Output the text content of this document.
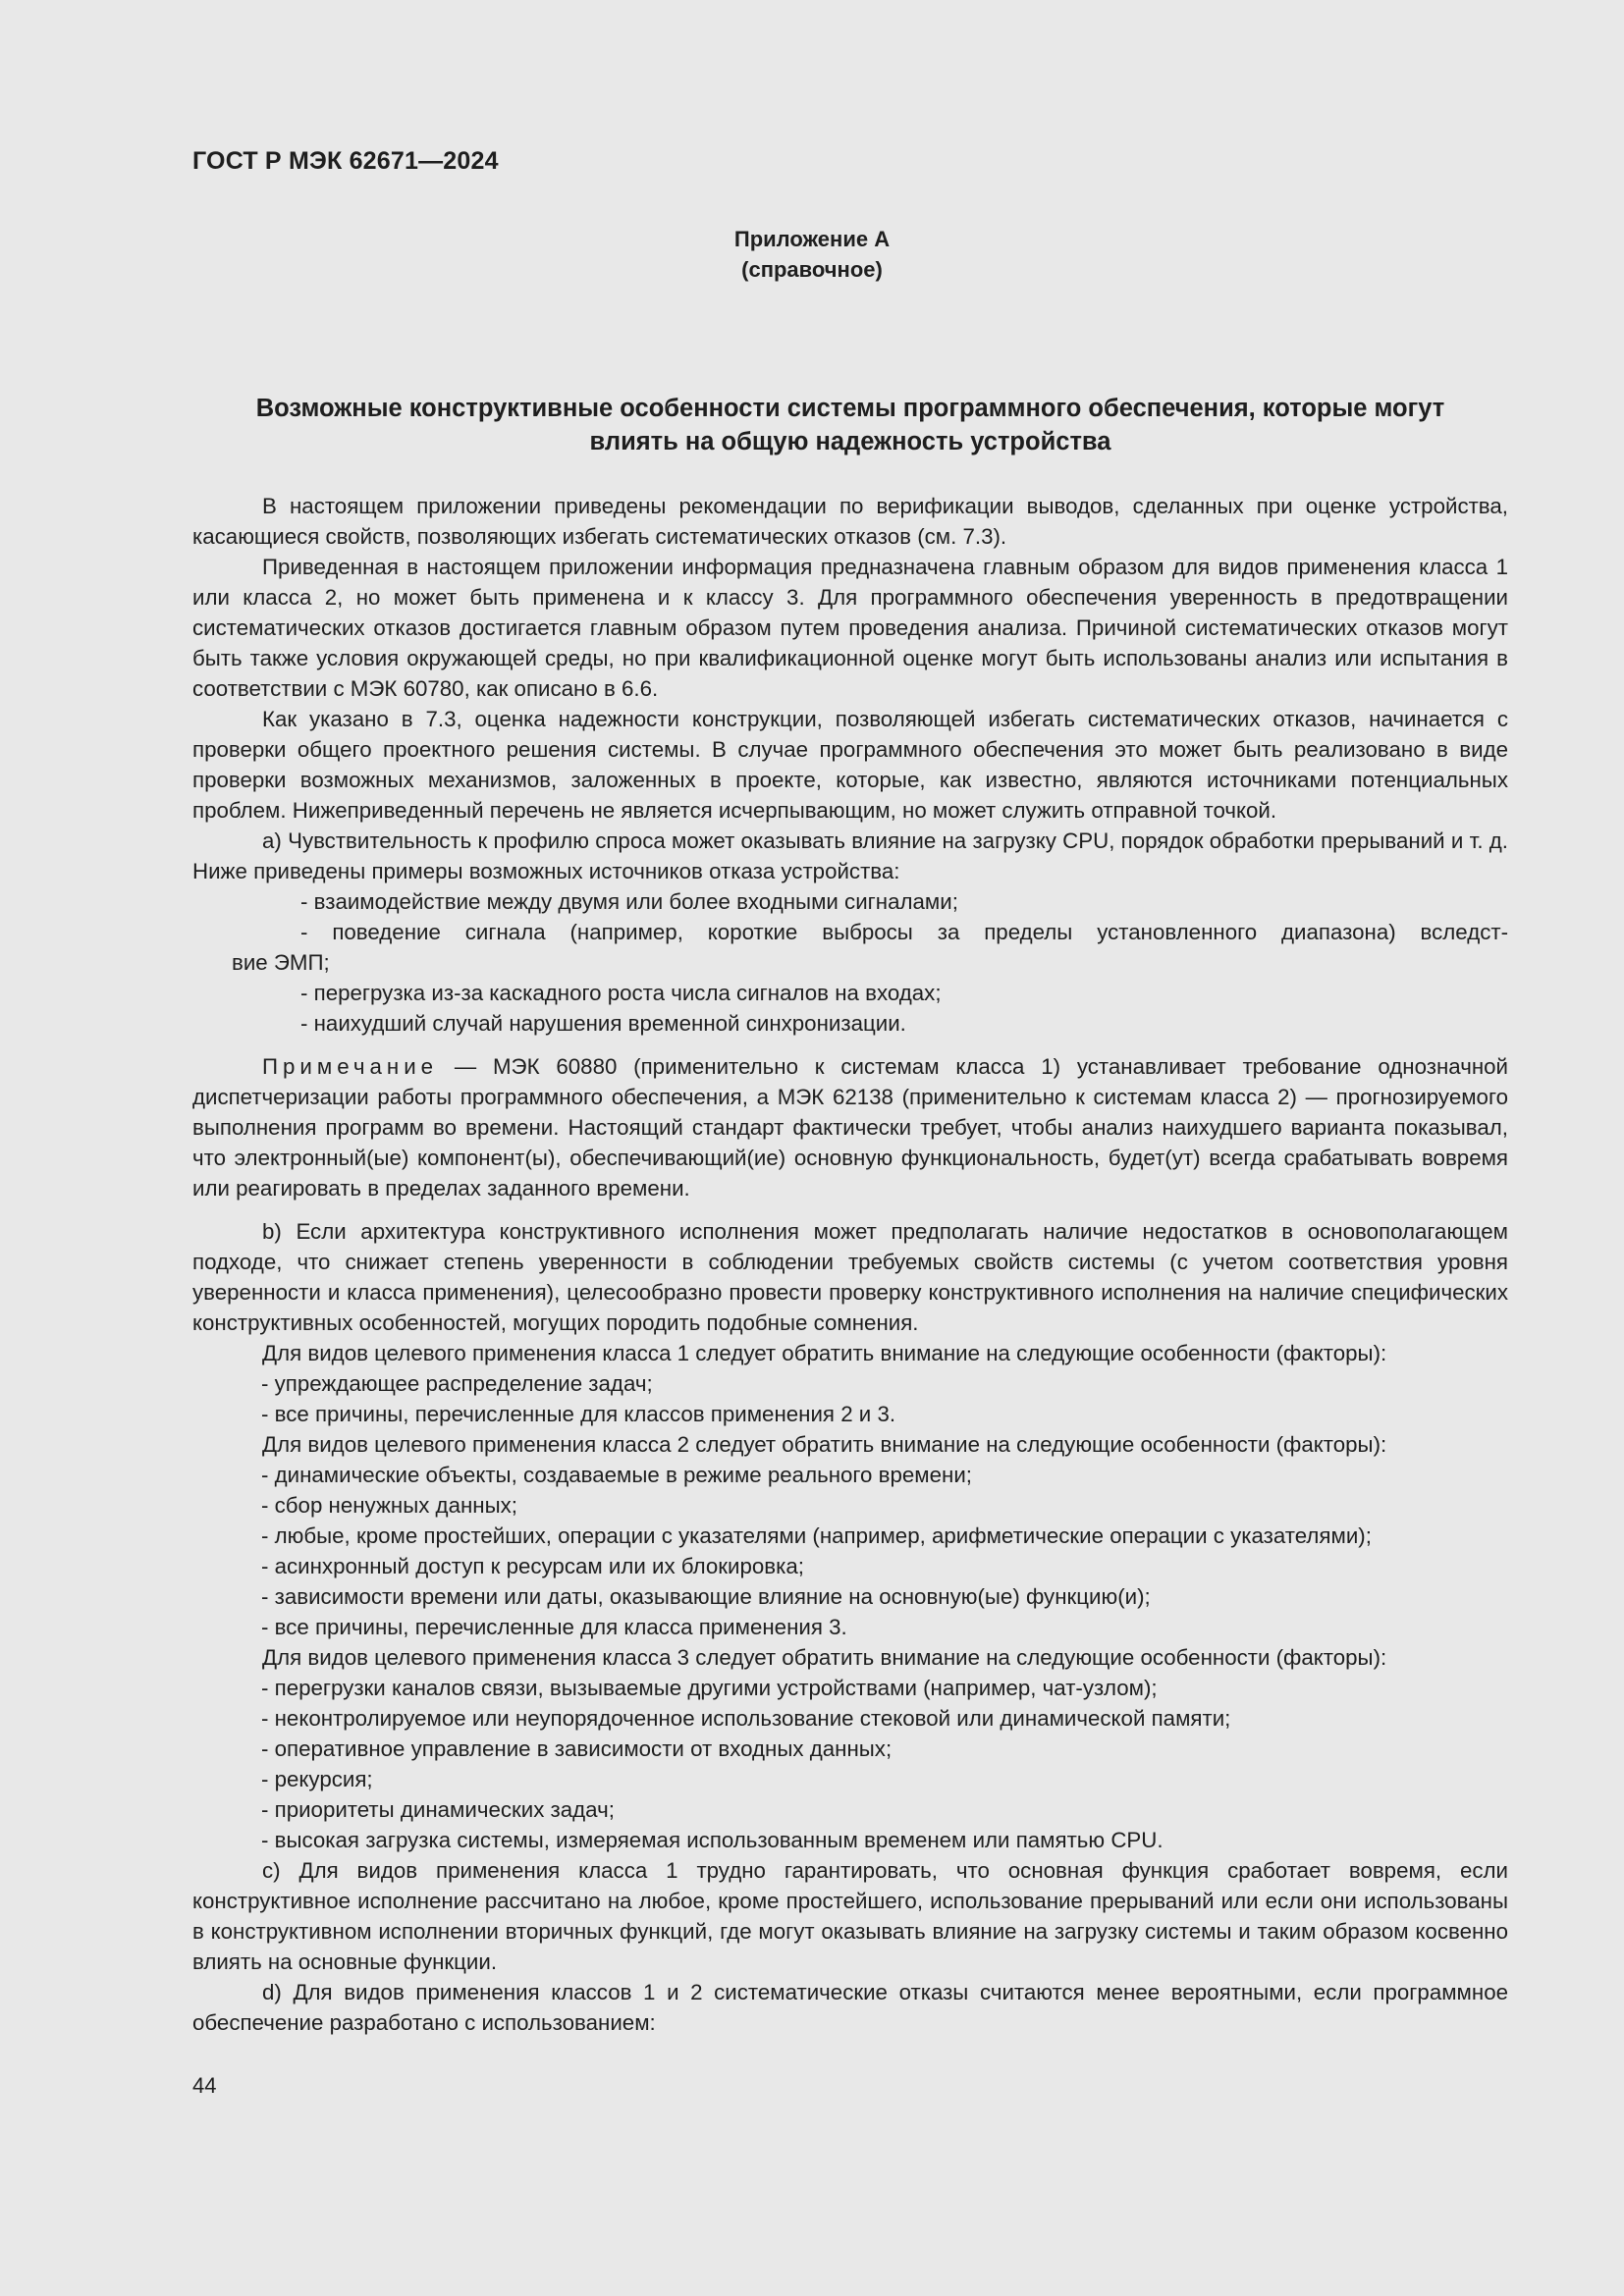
ГОСТ Р МЭК 62671—2024
Приложение А
(справочное)
Возможные конструктивные особенности системы программного обеспечения, которые могут
влиять на общую надежность устройства

В настоящем приложении приведены рекомендации по верификации выводов, сделанных при оценке устройства, касающиеся свойств, позволяющих избегать систематических отказов (см. 7.3).

Приведенная в настоящем приложении информация предназначена главным образом для видов применения класса 1 или класса 2, но может быть применена и к классу 3. Для программного обеспечения уверенность в предотвращении систематических отказов достигается главным образом путем проведения анализа. Причиной систематических отказов могут быть также условия окружающей среды, но при квалификационной оценке могут быть использованы анализ или испытания в соответствии с МЭК 60780, как описано в 6.6.

Как указано в 7.3, оценка надежности конструкции, позволяющей избегать систематических отказов, начинается с проверки общего проектного решения системы. В случае программного обеспечения это может быть реализовано в виде проверки возможных механизмов, заложенных в проекте, которые, как известно, являются источниками потенциальных проблем. Нижеприведенный перечень не является исчерпывающим, но может служить отправной точкой.

a) Чувствительность к профилю спроса может оказывать влияние на загрузку CPU, порядок обработки прерываний и т. д. Ниже приведены примеры возможных источников отказа устройства:

- взаимодействие между двумя или более входными сигналами;

- поведение сигнала (например, короткие выбросы за пределы установленного диапазона) вследст-

вие ЭМП;

- перегрузка из-за каскадного роста числа сигналов на входах;

- наихудший случай нарушения временной синхронизации.

Примечание — МЭК 60880 (применительно к системам класса 1) устанавливает требование однозначной диспетчеризации работы программного обеспечения, а МЭК 62138 (применительно к системам класса 2) — прогнозируемого выполнения программ во времени. Настоящий стандарт фактически требует, чтобы анализ наихудшего варианта показывал, что электронный(ые) компонент(ы), обеспечивающий(ие) основную функциональность, будет(ут) всегда срабатывать вовремя или реагировать в пределах заданного времени.

b) Если архитектура конструктивного исполнения может предполагать наличие недостатков в основополагающем подходе, что снижает степень уверенности в соблюдении требуемых свойств системы (с учетом соответствия уровня уверенности и класса применения), целесообразно провести проверку конструктивного исполнения на наличие специфических конструктивных особенностей, могущих породить подобные сомнения.

Для видов целевого применения класса 1 следует обратить внимание на следующие особенности (факторы):

- упреждающее распределение задач;

- все причины, перечисленные для классов применения 2 и 3.

Для видов целевого применения класса 2 следует обратить внимание на следующие особенности (факторы):

- динамические объекты, создаваемые в режиме реального времени;

- сбор ненужных данных;

- любые, кроме простейших, операции с указателями (например, арифметические операции с указателями);

- асинхронный доступ к ресурсам или их блокировка;

- зависимости времени или даты, оказывающие влияние на основную(ые) функцию(и);

- все причины, перечисленные для класса применения 3.

Для видов целевого применения класса 3 следует обратить внимание на следующие особенности (факторы):

- перегрузки каналов связи, вызываемые другими устройствами (например, чат-узлом);

- неконтролируемое или неупорядоченное использование стековой или динамической памяти;

- оперативное управление в зависимости от входных данных;

- рекурсия;

- приоритеты динамических задач;

- высокая загрузка системы, измеряемая использованным временем или памятью CPU.

c) Для видов применения класса 1 трудно гарантировать, что основная функция сработает вовремя, если конструктивное исполнение рассчитано на любое, кроме простейшего, использование прерываний или если они использованы в конструктивном исполнении вторичных функций, где могут оказывать влияние на загрузку системы и таким образом косвенно влиять на основные функции.

d) Для видов применения классов 1 и 2 систематические отказы считаются менее вероятными, если программное обеспечение разработано с использованием:

44
